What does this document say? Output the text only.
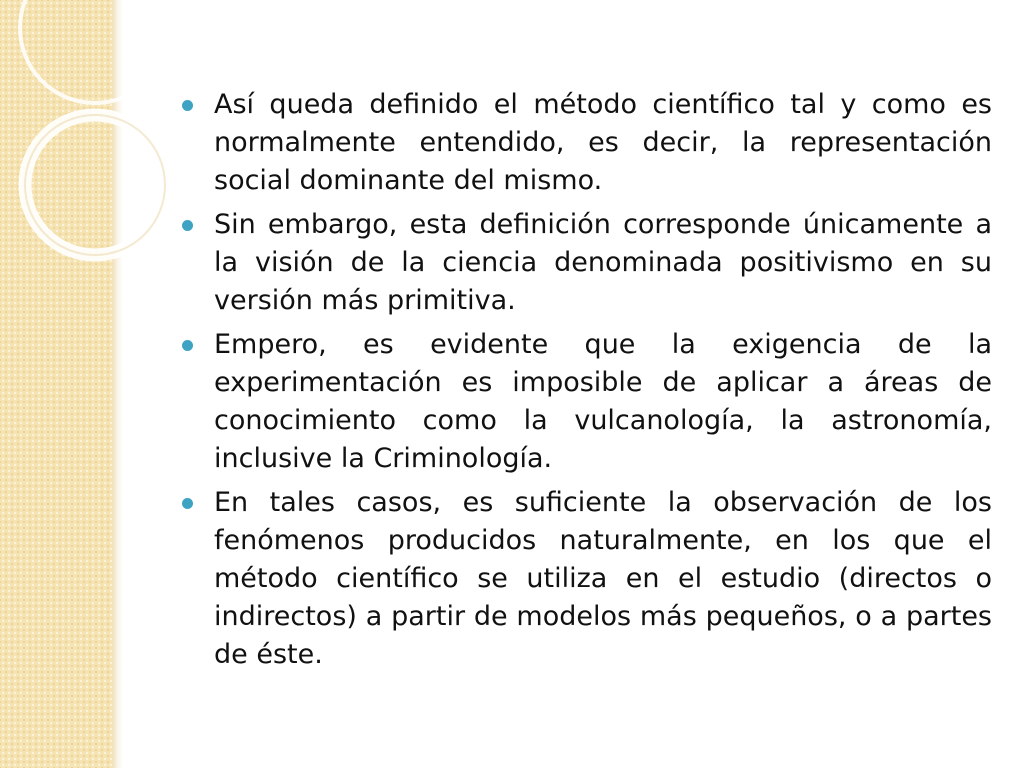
Así queda definido el método científico tal y como es normalmente entendido, es decir, la representación social dominante del mismo.
Sin embargo, esta definición corresponde únicamente a la visión de la ciencia denominada positivismo en su versión más primitiva.
Empero, es evidente que la exigencia de la experimentación es imposible de aplicar a áreas de conocimiento como la vulcanología, la astronomía, inclusive la Criminología.
En tales casos, es suficiente la observación de los fenómenos producidos naturalmente, en los que el método científico se utiliza en el estudio (directos o indirectos) a partir de modelos más pequeños, o a partes de éste.
